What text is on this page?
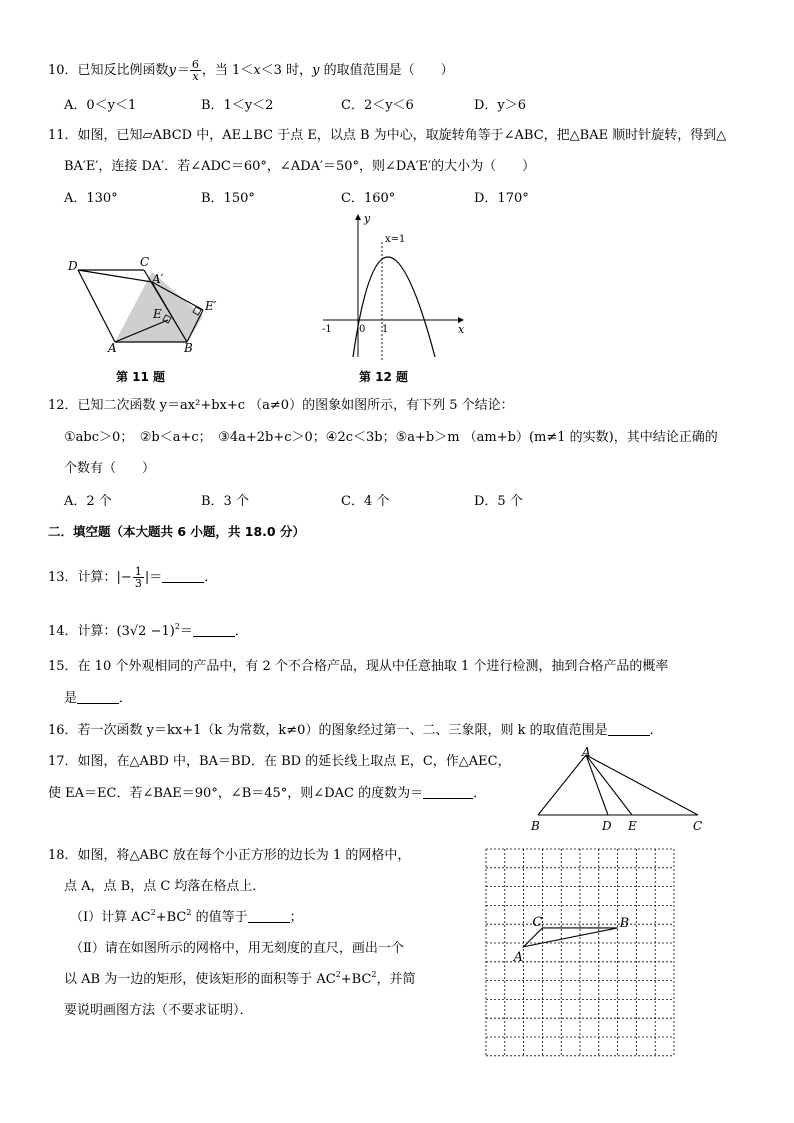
10．已知反比例函数$y= \frac{6}{x}$ ，当 1＜x＜3 时，y 的取值范围是（　　）
A．0＜y＜1	B．1＜y＜2	C．2＜y＜6	D．y＞6
11．如图，已知▱ABCD 中，AE⊥BC 于点 E，以点 B 为中心，取旋转角等于∠ABC，把△BAE 顺时针旋转，得到△
BA′E′，连接 DA′．若∠ADC＝60°，∠ADA′＝50°，则∠DA′E′的大小为（　　）
A．130°	B．150°	C．160°	D．170°
D	C
A′
E′
E
A	B
第 11 题
y
x
x=1
-1	0 1
第 12 题
12．已知二次函数 y＝ax²+bx+c （a≠0）的图象如图所示，有下列 5 个结论：
①abc＞0；　②b＜a+c；　③4a+2b+c＞0；④2c＜3b；⑤a+b＞m （am+b）(m≠1 的实数)，其中结论正确的
个数有（　　）
A．2 个	B．3 个	C．4 个	D．5 个
二．填空题（本大题共 6 小题，共 18.0 分）
13．计算：|− $\frac{1}{3}$ |＝	．
14．计算：$(3√2 -1)^2=$	．
15．在 10 个外观相同的产品中，有 2 个不合格产品，现从中任意抽取 1 个进行检测，抽到合格产品的概率
是	．
16．若一次函数 y＝kx+1（k 为常数，k≠0）的图象经过第一、二、三象限，则 k 的取值范围是	．
17．如图，在△ABD 中，BA＝BD．在 BD 的延长线上取点 E，C，作△AEC，
使 EA＝EC．若∠BAE＝90°，∠B＝45°，则∠DAC 的度数为＝	．
A
B	D E	C
18．如图，将△ABC 放在每个小正方形的边长为 1 的网格中，
点 A，点 B，点 C 均落在格点上．
（Ⅰ）计算 $AC^2+BC^2$ 的值等于	；
（Ⅱ）请在如图所示的网格中，用无刻度的直尺，画出一个
以 AB 为一边的矩形，使该矩形的面积等于 $AC^2+BC^2$，并简
要说明画图方法（不要求证明）．
A
C	B
